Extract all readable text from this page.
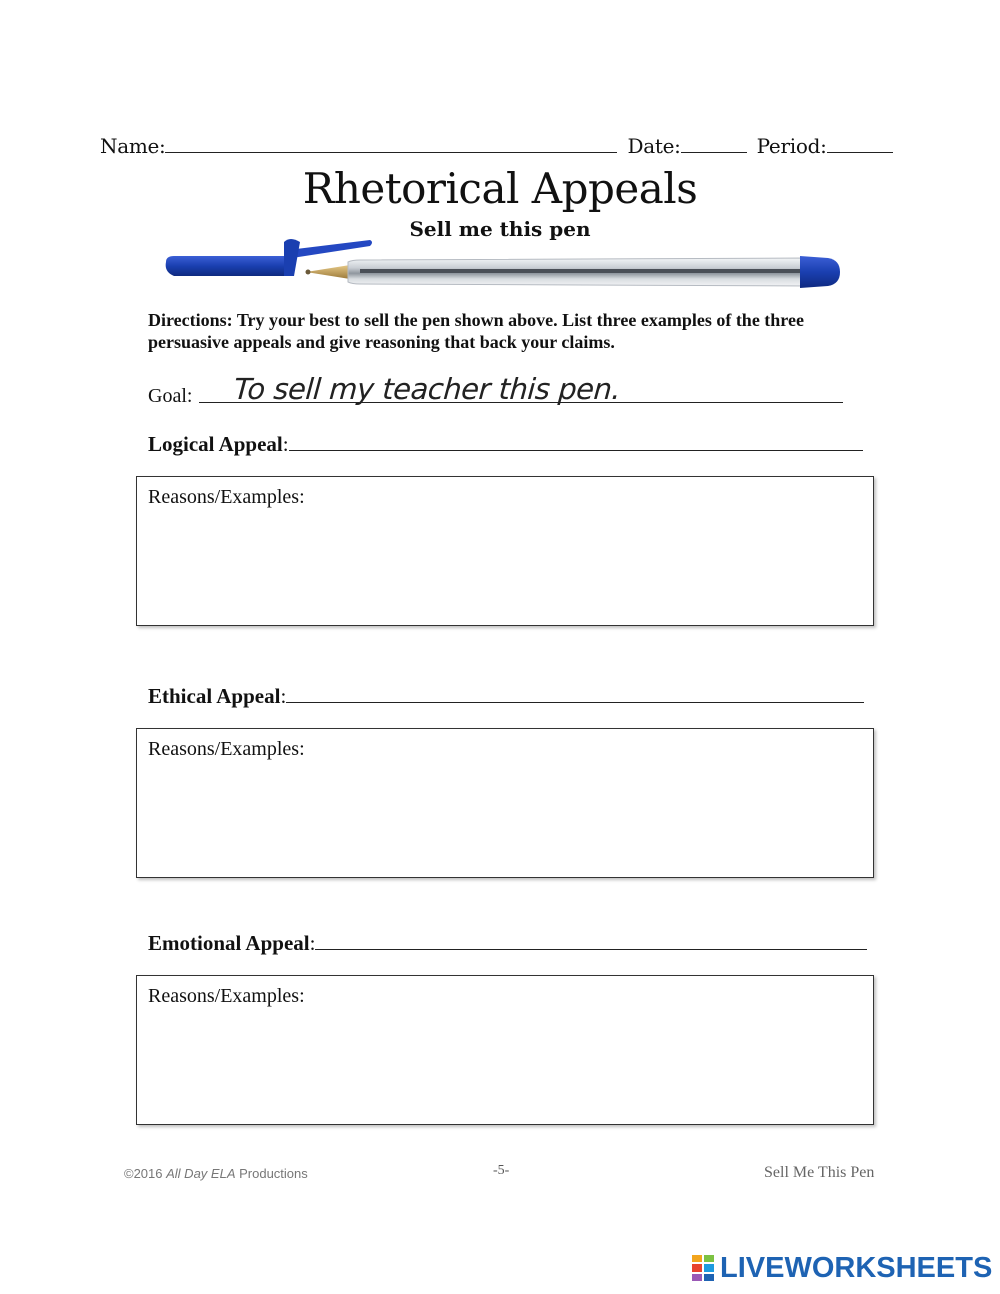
Name:	Date:	Period:
Rhetorical Appeals
Sell me this pen
Directions: Try your best to sell the pen shown above. List three examples of the three persuasive appeals and give reasoning that back your claims.
Goal: To sell my teacher this pen.
Logical Appeal:
Reasons/Examples:
Ethical Appeal:
Reasons/Examples:
Emotional Appeal:
Reasons/Examples:
©2016 All Day ELA Productions	-5-	Sell Me This Pen
LIVEWORKSHEETS
